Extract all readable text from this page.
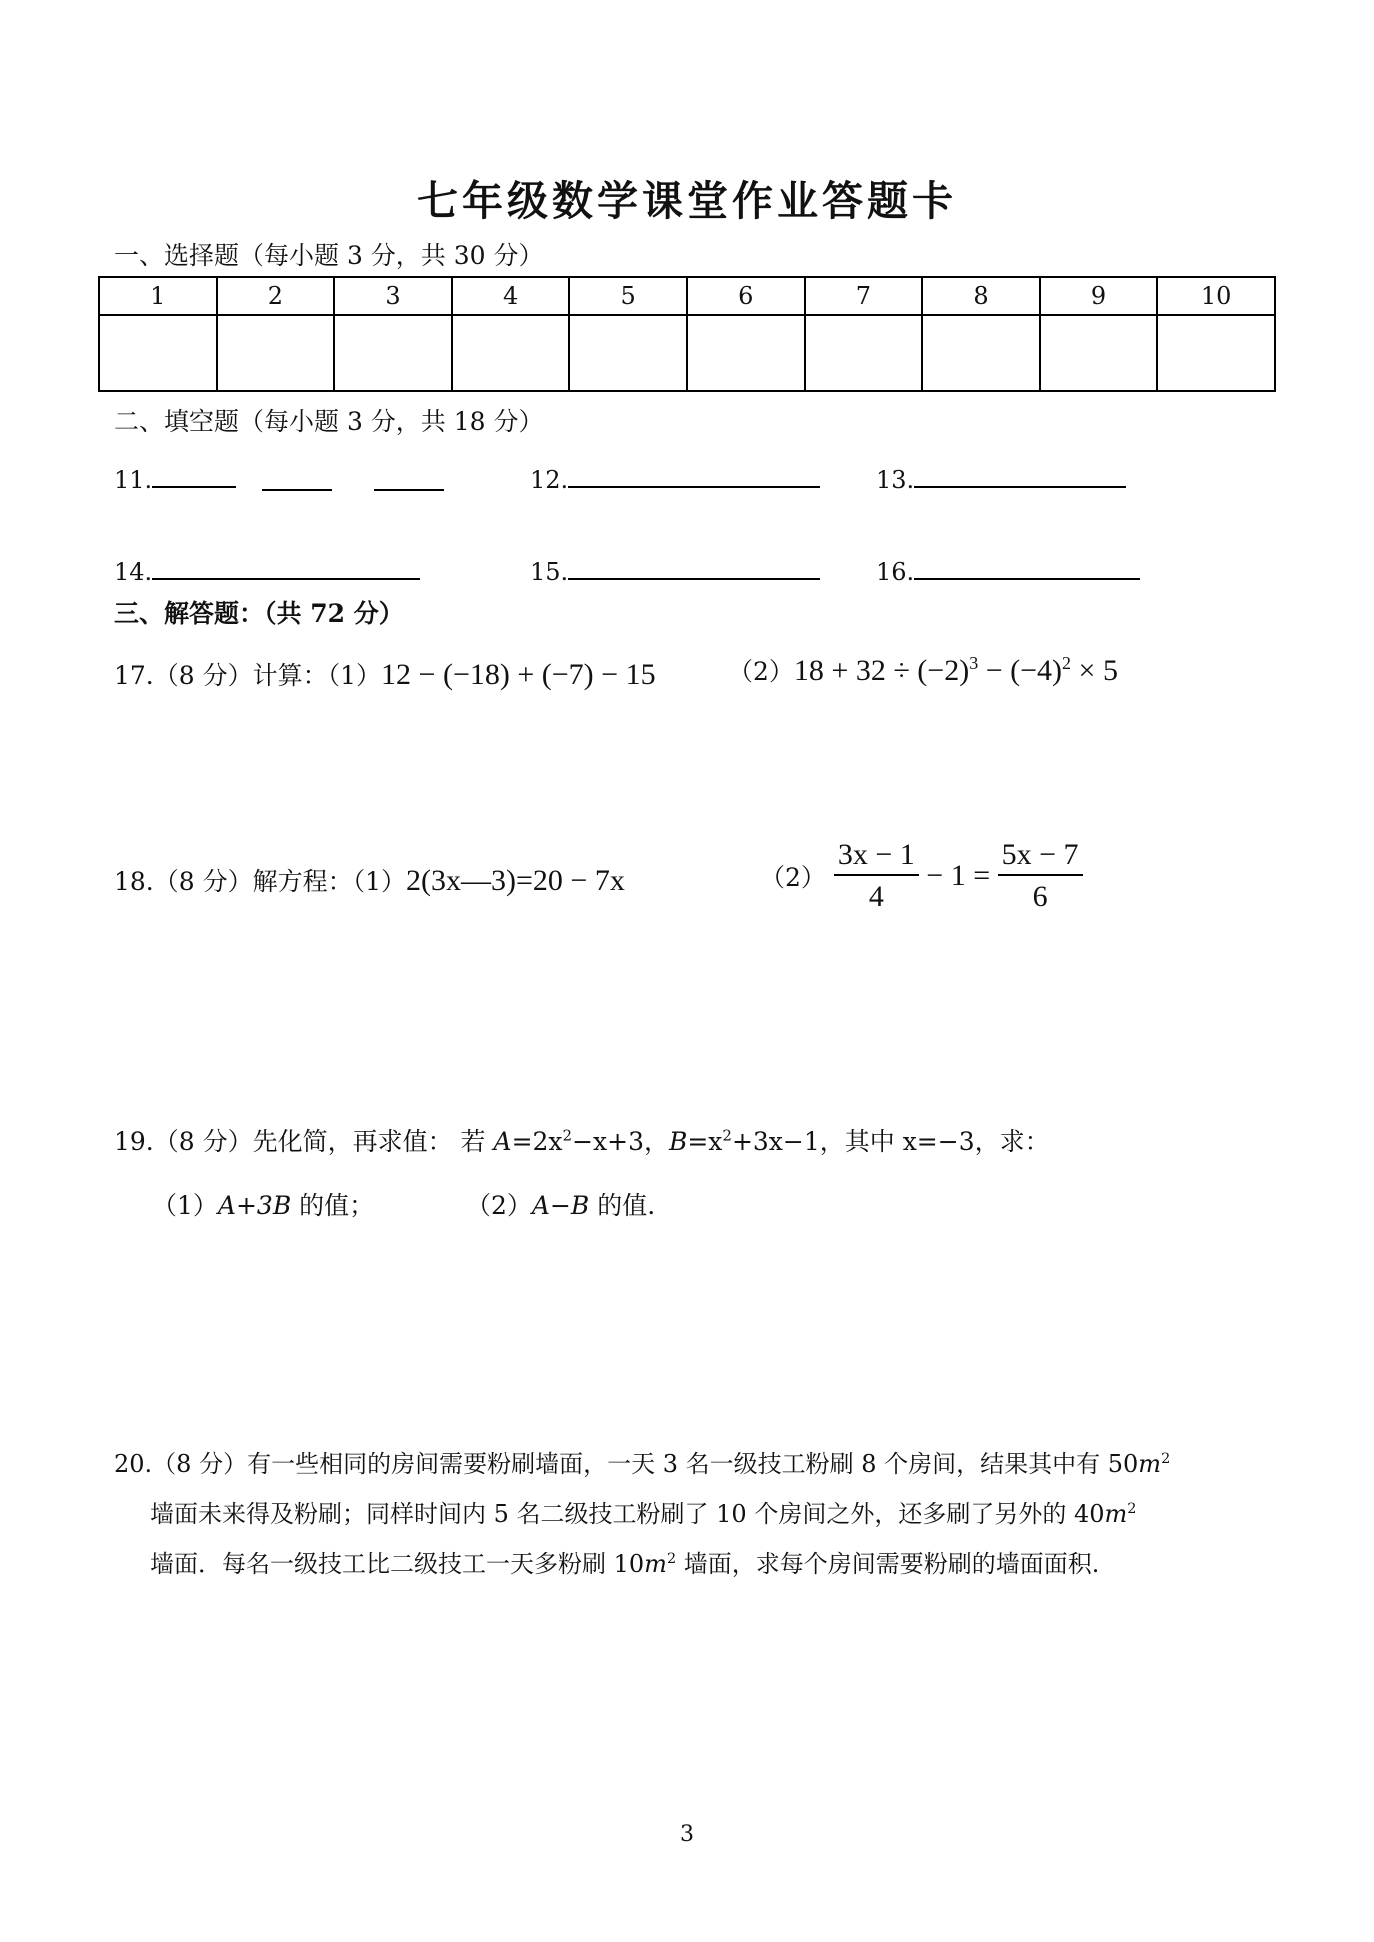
七年级数学课堂作业答题卡
一、选择题（每小题 3 分，共 30 分）
1	2	3	4	5	6	7	8	9	10

二、填空题（每小题 3 分，共 18 分）
11.	12.	13.
14.	15.	16.
三、解答题：（共 72 分）
17.（8 分）计算：（1）12 − (−18) + (−7) − 15	$(2)18 + 32 \div (-2)^3 - (-4)^2 \times 5$
18.（8 分）解方程：（1）2(3x—3)=20 − 7x	$(2) \frac{3x - 1}{4} - 1 = \frac{5x - 7}{6}$
19.（8 分）先化简，再求值： 若 $A=2x^2-x+3$，$B=x^2+3x-1$，其中 x=−3，求：
（1）A+3B 的值；	（2）A−B 的值.
20.（8 分）有一些相同的房间需要粉刷墙面，一天 3 名一级技工粉刷 8 个房间，结果其中有 $50m^2$
墙面未来得及粉刷；同样时间内 5 名二级技工粉刷了 10 个房间之外，还多刷了另外的 $40m^2$
墙面．每名一级技工比二级技工一天多粉刷 $10m^2$ 墙面，求每个房间需要粉刷的墙面面积.
3
